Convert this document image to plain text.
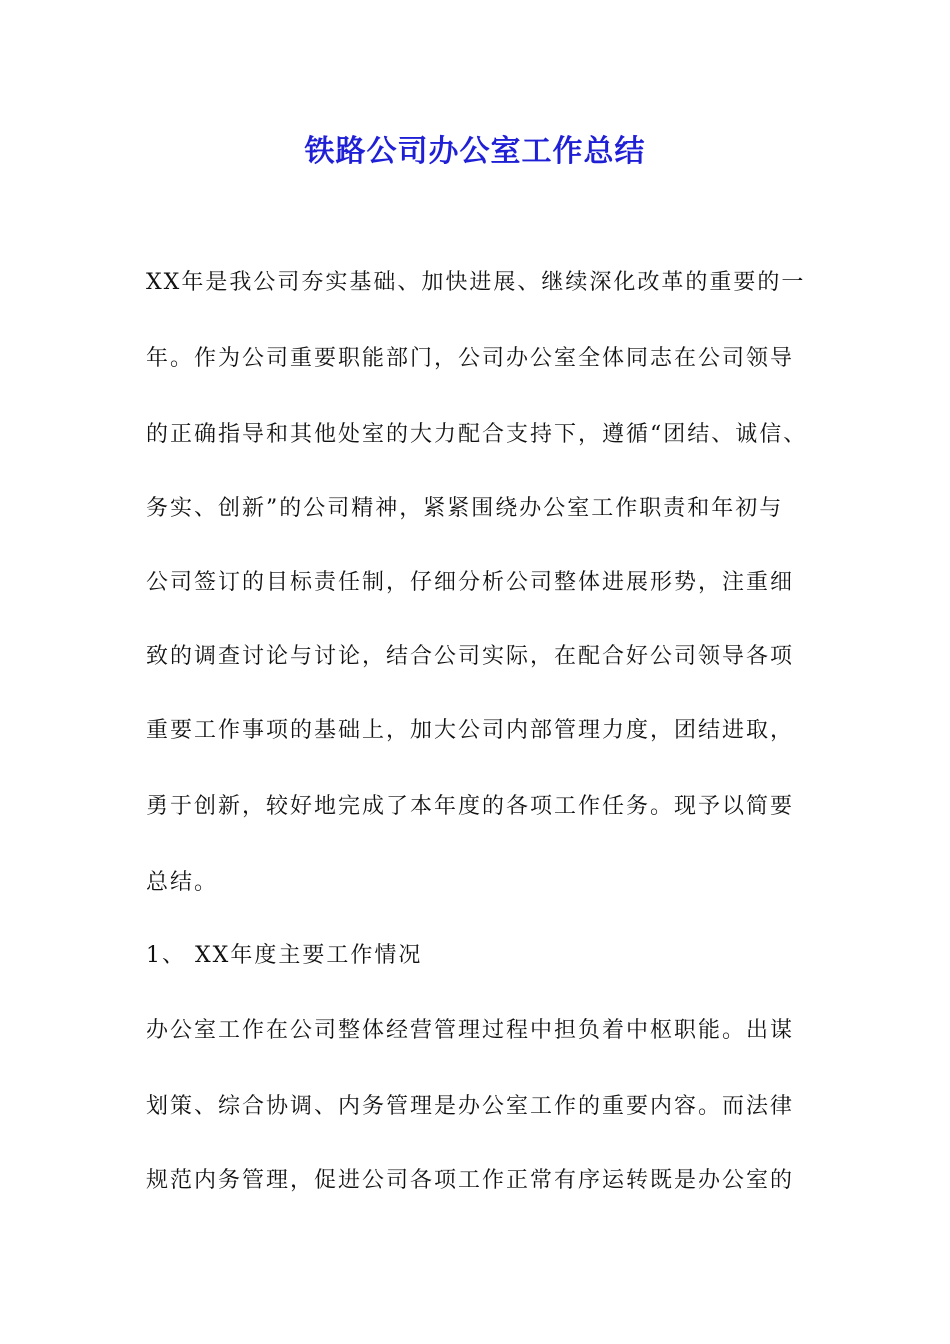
铁路公司办公室工作总结

XX年是我公司夯实基础、加快进展、继续深化改革的重要的一

年。作为公司重要职能部门，公司办公室全体同志在公司领导

的正确指导和其他处室的大力配合支持下，遵循“团结、诚信、

务实、创新”的公司精神，紧紧围绕办公室工作职责和年初与

公司签订的目标责任制，仔细分析公司整体进展形势，注重细

致的调查讨论与讨论，结合公司实际，在配合好公司领导各项

重要工作事项的基础上，加大公司内部管理力度，团结进取，

勇于创新，较好地完成了本年度的各项工作任务。现予以简要

总结。

1、 XX年度主要工作情况

办公室工作在公司整体经营管理过程中担负着中枢职能。出谋

划策、综合协调、内务管理是办公室工作的重要内容。而法律

规范内务管理，促进公司各项工作正常有序运转既是办公室的
